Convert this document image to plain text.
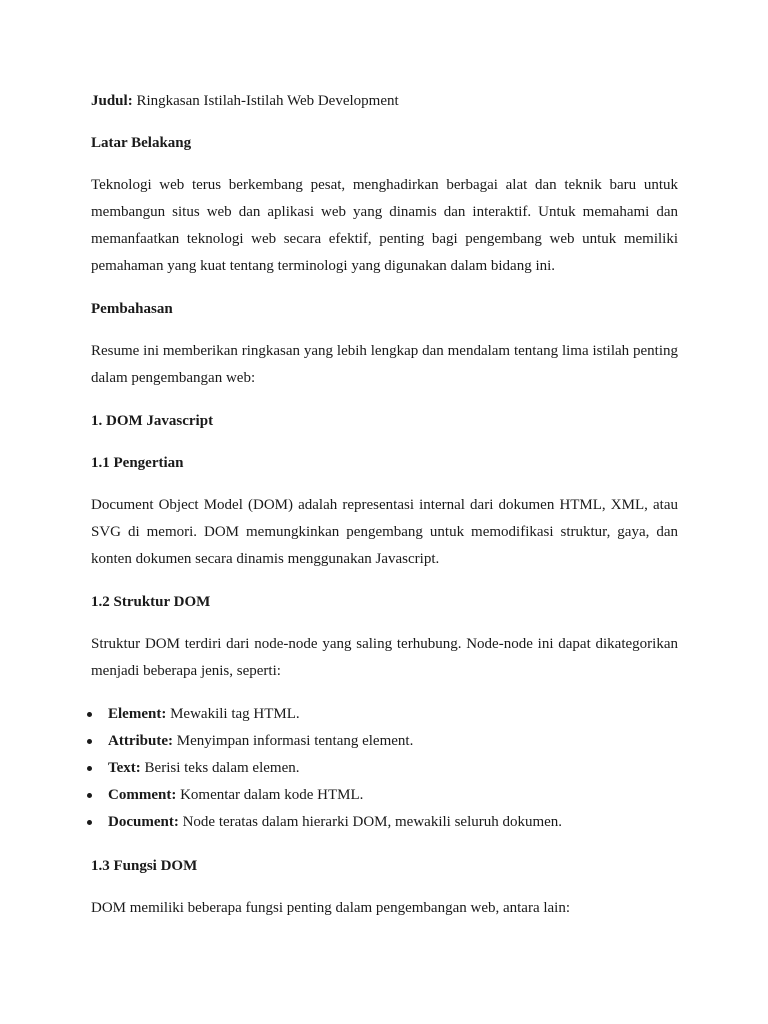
Judul: Ringkasan Istilah-Istilah Web Development
Latar Belakang

Teknologi web terus berkembang pesat, menghadirkan berbagai alat dan teknik baru untuk membangun situs web dan aplikasi web yang dinamis dan interaktif. Untuk memahami dan memanfaatkan teknologi web secara efektif, penting bagi pengembang web untuk memiliki pemahaman yang kuat tentang terminologi yang digunakan dalam bidang ini.

Pembahasan

Resume ini memberikan ringkasan yang lebih lengkap dan mendalam tentang lima istilah penting dalam pengembangan web:

1. DOM Javascript
1.1 Pengertian

Document Object Model (DOM) adalah representasi internal dari dokumen HTML, XML, atau SVG di memori. DOM memungkinkan pengembang untuk memodifikasi struktur, gaya, dan konten dokumen secara dinamis menggunakan Javascript.

1.2 Struktur DOM

Struktur DOM terdiri dari node-node yang saling terhubung. Node-node ini dapat dikategorikan menjadi beberapa jenis, seperti:

Element: Mewakili tag HTML.
Attribute: Menyimpan informasi tentang element.
Text: Berisi teks dalam elemen.
Comment: Komentar dalam kode HTML.
Document: Node teratas dalam hierarki DOM, mewakili seluruh dokumen.
1.3 Fungsi DOM

DOM memiliki beberapa fungsi penting dalam pengembangan web, antara lain:
